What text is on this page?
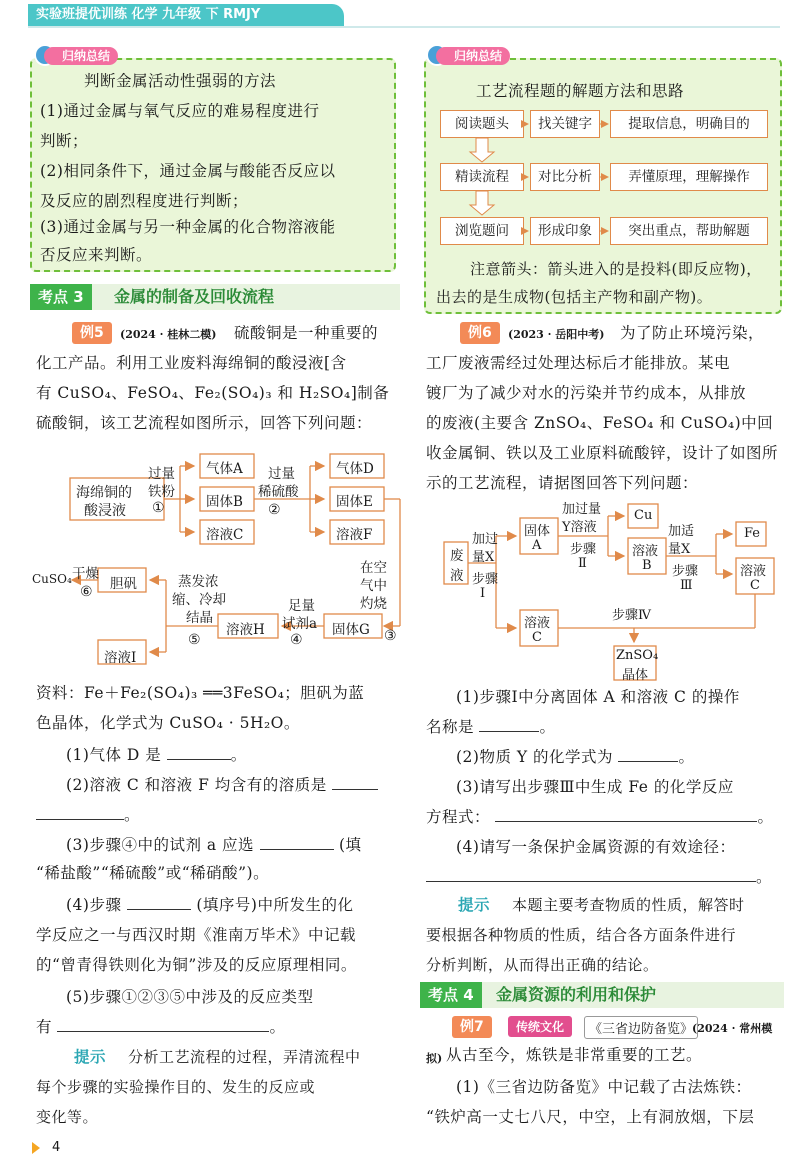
实验班提优训练 化学 九年级 下 RMJY
归纳总结
判断金属活动性强弱的方法
(1)通过金属与氧气反应的难易程度进行
判断；
(2)相同条件下，通过金属与酸能否反应以
及反应的剧烈程度进行判断；
(3)通过金属与另一种金属的化合物溶液能
否反应来判断。
归纳总结
工艺流程题的解题方法和思路
阅读题头	找关键字	提取信息，明确目的
精读流程	对比分析	弄懂原理，理解操作
浏览题问	形成印象	突出重点，帮助解题
注意箭头：箭头进入的是投料(即反应物)，
出去的是生成物(包括主产物和副产物)。
考点 3	金属的制备及回收流程
例5	(2024 · 桂林二模) 硫酸铜是一种重要的
化工产品。利用工业废料海绵铜的酸浸液[含
有 CuSO₄、FeSO₄、Fe₂(SO₄)₃ 和 H₂SO₄]制备
硫酸铜，该工艺流程如图所示，回答下列问题：
海绵铜的
酸浸液
过量
铁粉
①
气体A
固体B
溶液C
过量
稀硫酸
②
气体D
固体E
溶液F
在空
气中
灼烧
③
固体G
足量
试剂a
④
溶液H
蒸发浓
缩、冷却
结晶
⑤
溶液I
胆矾
干燥
⑥
CuSO₄
资料：Fe＋Fe₂(SO₄)₃ ══3FeSO₄；胆矾为蓝
色晶体，化学式为 CuSO₄ · 5H₂O。
(1)气体 D 是	。
(2)溶液 C 和溶液 F 均含有的溶质是
。
(3)步骤④中的试剂 a 应选	(填
“稀盐酸”“稀硫酸”或“稀硝酸”)。
(4)步骤	(填序号)中所发生的化
学反应之一与西汉时期《淮南万毕术》中记载
的“曾青得铁则化为铜”涉及的反应原理相同。
(5)步骤①②③⑤中涉及的反应类型
有	。
提示 分析工艺流程的过程，弄清流程中
每个步骤的实验操作目的、发生的反应或
变化等。
例6	(2023 · 岳阳中考) 为了防止环境污染，
工厂废液需经过处理达标后才能排放。某电
镀厂为了减少对水的污染并节约成本，从排放
的废液(主要含 ZnSO₄、FeSO₄ 和 CuSO₄)中回
收金属铜、铁以及工业原料硫酸锌，设计了如图所
示的工艺流程，请据图回答下列问题：
废
液
加过
量X
步骤
Ⅰ
固体
A
加过量
Y溶液
步骤
Ⅱ
Cu
溶液
B
加适
量X
步骤
Ⅲ
Fe
溶液
C
溶液
C
步骤Ⅳ
ZnSO₄
晶体
(1)步骤Ⅰ中分离固体 A 和溶液 C 的操作
名称是	。
(2)物质 Y 的化学式为	。
(3)请写出步骤Ⅲ中生成 Fe 的化学反应
方程式：	。
(4)请写一条保护金属资源的有效途径：
。
提示 本题主要考查物质的性质，解答时
要根据各种物质的性质，结合各方面条件进行
分析判断，从而得出正确的结论。
考点 4	金属资源的利用和保护
例7	传统文化	《三省边防备览》
(2024 · 常州模
拟) 从古至今，炼铁是非常重要的工艺。
(1)《三省边防备览》中记载了古法炼铁：
“铁炉高一丈七八尺，中空，上有洞放烟，下层
4
